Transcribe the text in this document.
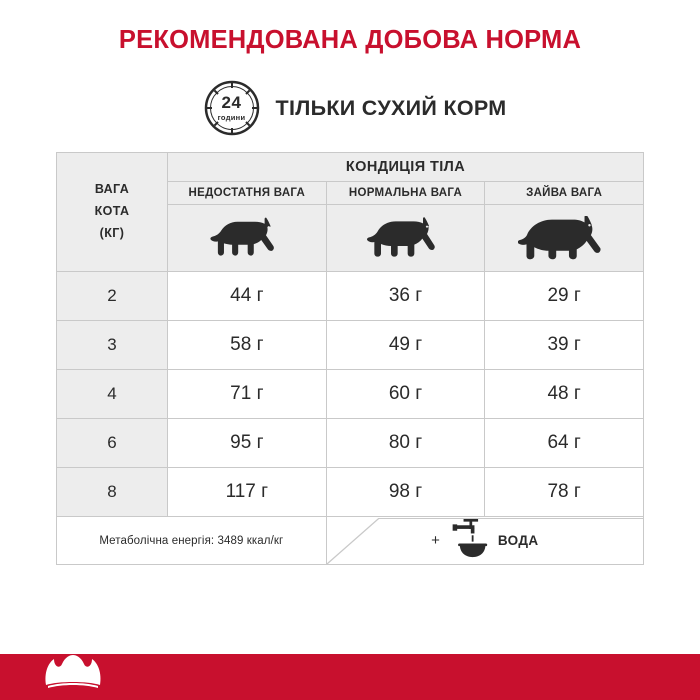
РЕКОМЕНДОВАНА ДОБОВА НОРМА
24
години	ТІЛЬКИ СУХИЙ КОРМ
ВАГА
КОТА
(КГ)	КОНДИЦІЯ ТІЛА		
	НЕДОСТАТНЯ ВАГА	НОРМАЛЬНА ВАГА	ЗАЙВА ВАГА

2	44 г	36 г	29 г
3	58 г	49 г	39 г
4	71 г	60 г	48 г
6	95 г	80 г	64 г
8	117 г	98 г	78 г
Метаболічна енергія: 3489 ккал/кг		+ ВОДА	
